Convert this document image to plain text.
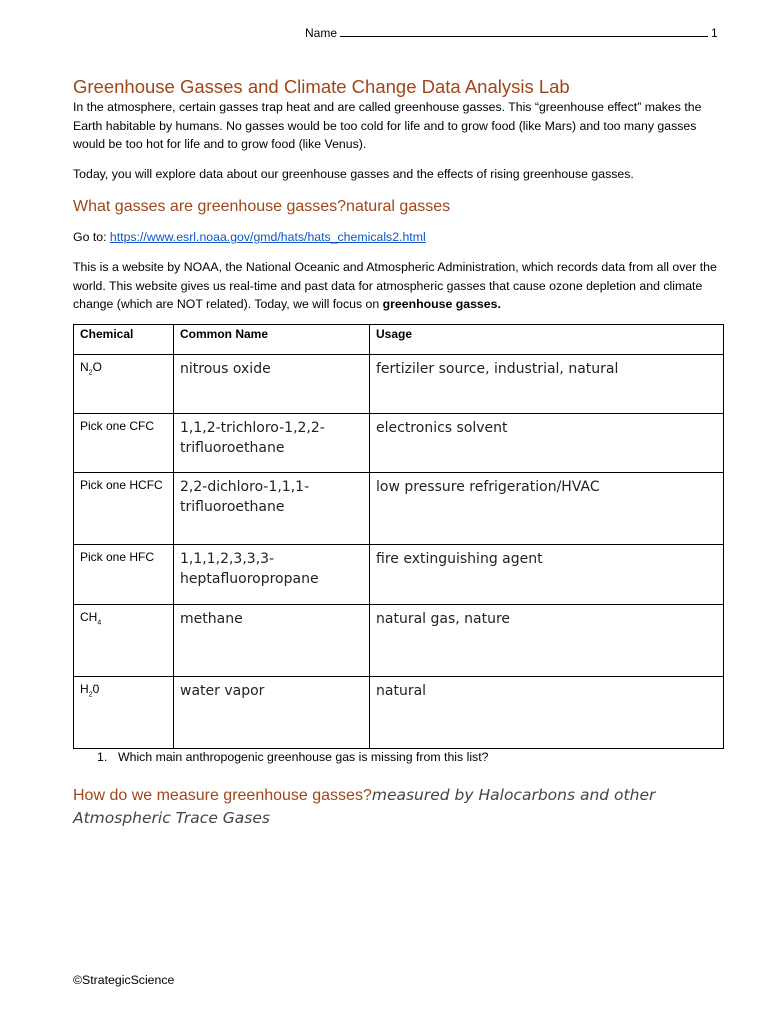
Name	1
Greenhouse Gasses and Climate Change Data Analysis Lab
In the atmosphere, certain gasses trap heat and are called greenhouse gasses. This “greenhouse effect” makes the Earth habitable by humans. No gasses would be too cold for life and to grow food (like Mars) and too many gasses would be too hot for life and to grow food (like Venus).
Today, you will explore data about our greenhouse gasses and the effects of rising greenhouse gasses.
What gasses are greenhouse gasses?natural gasses
Go to: https://www.esrl.noaa.gov/gmd/hats/hats_chemicals2.html
This is a website by NOAA, the National Oceanic and Atmospheric Administration, which records data from all over the world. This website gives us real-time and past data for atmospheric gasses that cause ozone depletion and climate change (which are NOT related). Today, we will focus on greenhouse gasses.
Chemical	Common Name	Usage
$N_2O$	nitrous oxide	fertiziler source, industrial, natural
Pick one CFC	1,1,2-trichloro-1,2,2-trifluoroethane	electronics solvent
Pick one HCFC	2,2-dichloro-1,1,1-trifluoroethane	low pressure refrigeration/HVAC
Pick one HFC	1,1,1,2,3,3,3-heptafluoropropane	fire extinguishing agent
$CH_4$	methane	natural gas, nature
$H_20$	water vapor	natural
1. Which main anthropogenic greenhouse gas is missing from this list?
How do we measure greenhouse gasses?measured by Halocarbons and other Atmospheric Trace Gases
©StrategicScience
